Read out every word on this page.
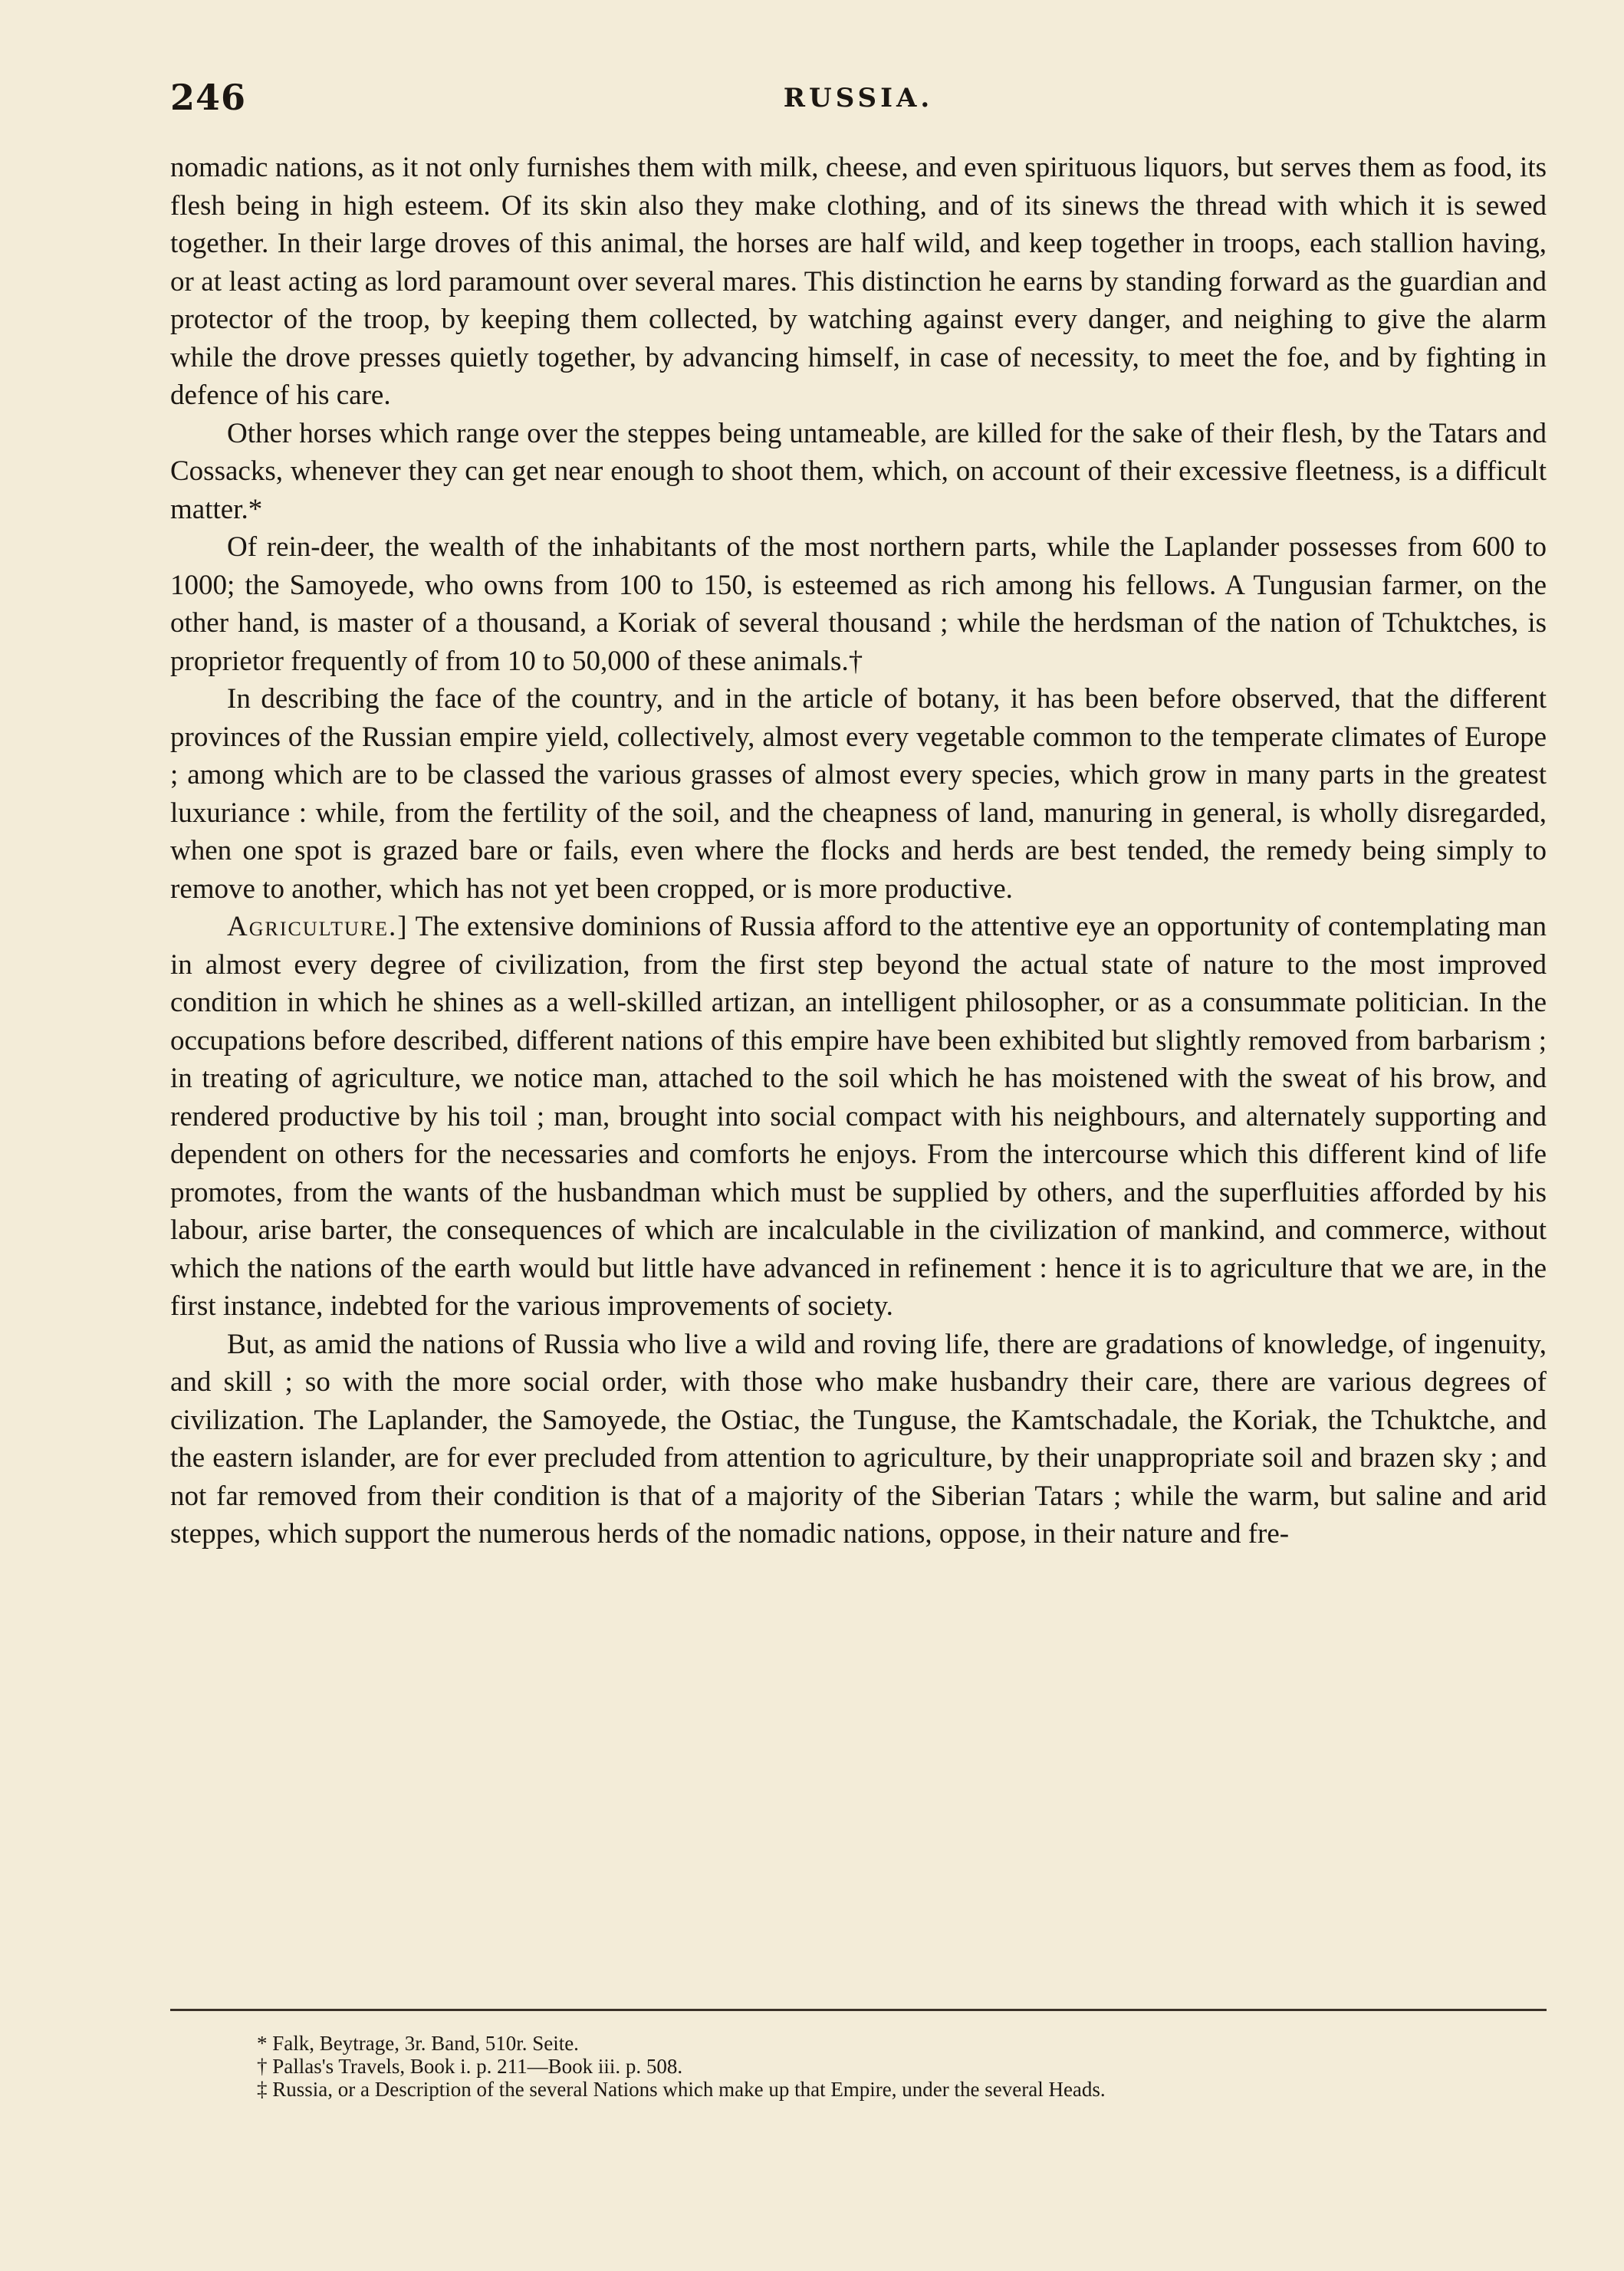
246	RUSSIA.

nomadic nations, as it not only furnishes them with milk, cheese, and even spirituous liquors, but serves them as food, its flesh being in high esteem. Of its skin also they make clothing, and of its sinews the thread with which it is sewed together. In their large droves of this animal, the horses are half wild, and keep together in troops, each stallion having, or at least acting as lord paramount over several mares. This distinction he earns by standing forward as the guardian and protector of the troop, by keeping them collected, by watching against every danger, and neighing to give the alarm while the drove presses quietly together, by advancing himself, in case of necessity, to meet the foe, and by fighting in defence of his care.

Other horses which range over the steppes being untameable, are killed for the sake of their flesh, by the Tatars and Cossacks, whenever they can get near enough to shoot them, which, on account of their excessive fleetness, is a difficult matter.*

Of rein-deer, the wealth of the inhabitants of the most northern parts, while the Laplander possesses from 600 to 1000; the Samoyede, who owns from 100 to 150, is esteemed as rich among his fellows. A Tungusian farmer, on the other hand, is master of a thousand, a Koriak of several thousand ; while the herdsman of the nation of Tchuktches, is proprietor frequently of from 10 to 50,000 of these animals.†

In describing the face of the country, and in the article of botany, it has been before observed, that the different provinces of the Russian empire yield, collectively, almost every vegetable common to the temperate climates of Europe ; among which are to be classed the various grasses of almost every species, which grow in many parts in the greatest luxuriance : while, from the fertility of the soil, and the cheapness of land, manuring in general, is wholly disregarded, when one spot is grazed bare or fails, even where the flocks and herds are best tended, the remedy being simply to remove to another, which has not yet been cropped, or is more productive.

Agriculture.] The extensive dominions of Russia afford to the attentive eye an opportunity of contemplating man in almost every degree of civilization, from the first step beyond the actual state of nature to the most improved condition in which he shines as a well-skilled artizan, an intelligent philosopher, or as a consummate politician. In the occupations before described, different nations of this empire have been exhibited but slightly removed from barbarism ; in treating of agriculture, we notice man, attached to the soil which he has moistened with the sweat of his brow, and rendered productive by his toil ; man, brought into social compact with his neighbours, and alternately supporting and dependent on others for the necessaries and comforts he enjoys. From the intercourse which this different kind of life promotes, from the wants of the husbandman which must be supplied by others, and the superfluities afforded by his labour, arise barter, the consequences of which are incalculable in the civilization of mankind, and commerce, without which the nations of the earth would but little have advanced in refinement : hence it is to agriculture that we are, in the first instance, indebted for the various improvements of society.

But, as amid the nations of Russia who live a wild and roving life, there are gradations of knowledge, of ingenuity, and skill ; so with the more social order, with those who make husbandry their care, there are various degrees of civilization. The Laplander, the Samoyede, the Ostiac, the Tunguse, the Kamtschadale, the Koriak, the Tchuktche, and the eastern islander, are for ever precluded from attention to agriculture, by their unappropriate soil and brazen sky ; and not far removed from their condition is that of a majority of the Siberian Tatars ; while the warm, but saline and arid steppes, which support the numerous herds of the nomadic nations, oppose, in their nature and fre-

* Falk, Beytrage, 3r. Band, 510r. Seite.
† Pallas's Travels, Book i. p. 211—Book iii. p. 508.
‡ Russia, or a Description of the several Nations which make up that Empire, under the several Heads.
